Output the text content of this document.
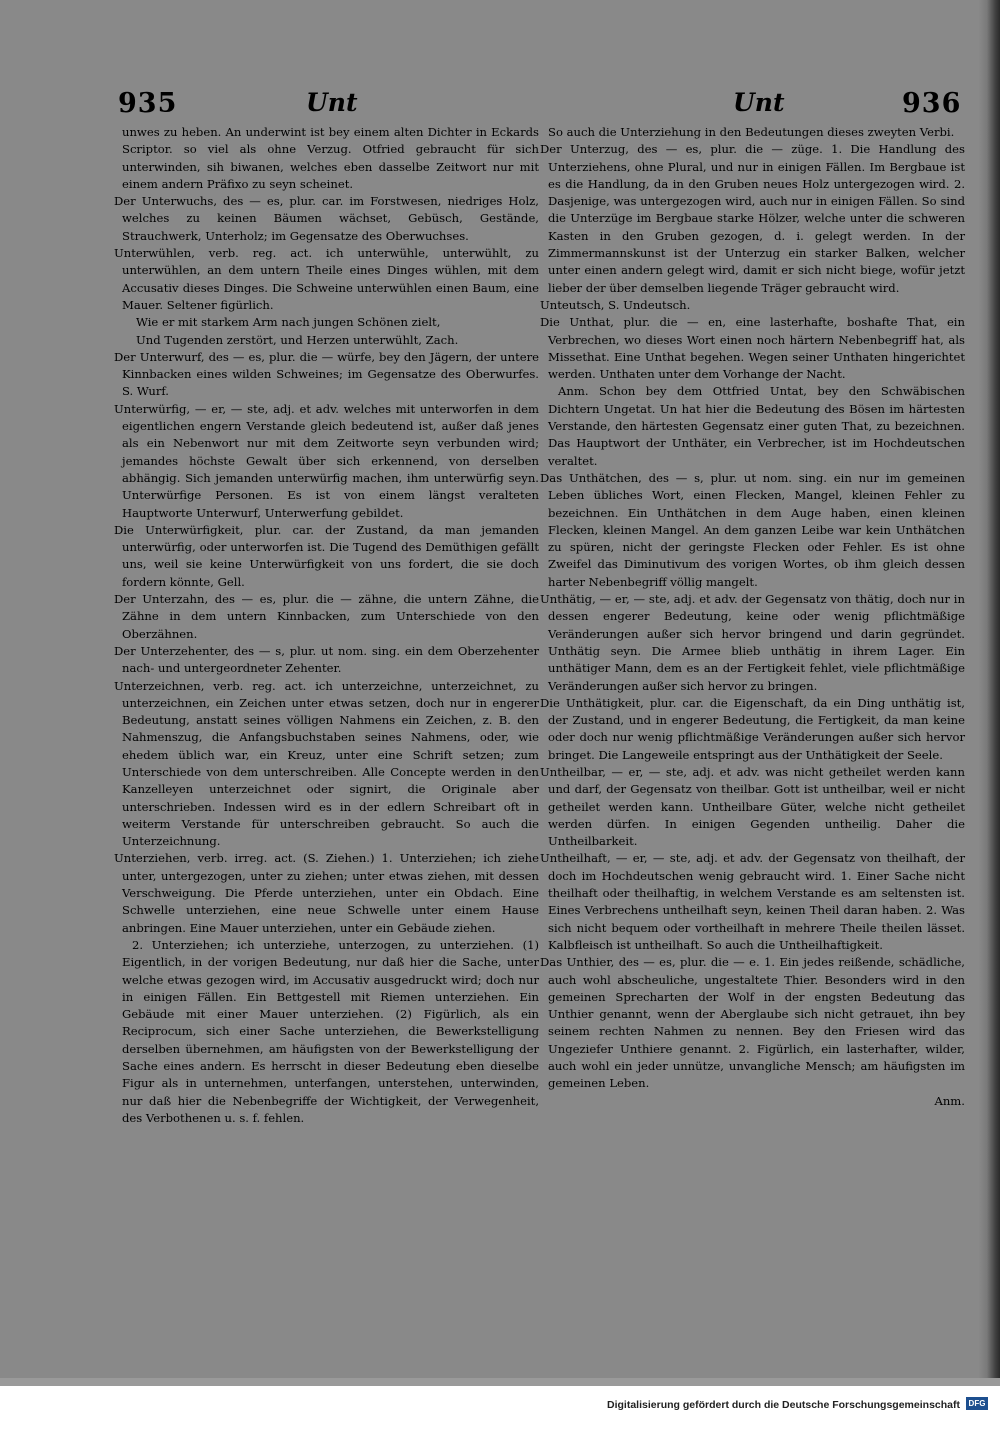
935	Unt	Unt	936

unwes zu heben. An underwint ist bey einem alten Dichter in Eckards Scriptor. so viel als ohne Verzug. Otfried gebraucht für sich unterwinden, sih biwanen, welches eben dasselbe Zeitwort nur mit einem andern Präfixo zu seyn scheinet.

Der Unterwuchs, des — es, plur. car. im Forstwesen, niedriges Holz, welches zu keinen Bäumen wächset, Gebüsch, Gestände, Strauchwerk, Unterholz; im Gegensatze des Oberwuchses.

Unterwühlen, verb. reg. act. ich unterwühle, unterwühlt, zu unterwühlen, an dem untern Theile eines Dinges wühlen, mit dem Accusativ dieses Dinges. Die Schweine unterwühlen einen Baum, eine Mauer. Seltener figürlich.

Wie er mit starkem Arm nach jungen Schönen zielt,

Und Tugenden zerstört, und Herzen unterwühlt, Zach.

Der Unterwurf, des — es, plur. die — würfe, bey den Jägern, der untere Kinnbacken eines wilden Schweines; im Gegensatze des Oberwurfes. S. Wurf.

Unterwürfig, — er, — ste, adj. et adv. welches mit unterworfen in dem eigentlichen engern Verstande gleich bedeutend ist, außer daß jenes als ein Nebenwort nur mit dem Zeitworte seyn verbunden wird; jemandes höchste Gewalt über sich erkennend, von derselben abhängig. Sich jemanden unterwürfig machen, ihm unterwürfig seyn. Unterwürfige Personen. Es ist von einem längst veralteten Hauptworte Unterwurf, Unterwerfung gebildet.

Die Unterwürfigkeit, plur. car. der Zustand, da man jemanden unterwürfig, oder unterworfen ist. Die Tugend des Demüthigen gefällt uns, weil sie keine Unterwürfigkeit von uns fordert, die sie doch fordern könnte, Gell.

Der Unterzahn, des — es, plur. die — zähne, die untern Zähne, die Zähne in dem untern Kinnbacken, zum Unterschiede von den Oberzähnen.

Der Unterzehenter, des — s, plur. ut nom. sing. ein dem Oberzehenter nach- und untergeordneter Zehenter.

Unterzeichnen, verb. reg. act. ich unterzeichne, unterzeichnet, zu unterzeichnen, ein Zeichen unter etwas setzen, doch nur in engerer Bedeutung, anstatt seines völligen Nahmens ein Zeichen, z. B. den Nahmenszug, die Anfangsbuchstaben seines Nahmens, oder, wie ehedem üblich war, ein Kreuz, unter eine Schrift setzen; zum Unterschiede von dem unterschreiben. Alle Concepte werden in den Kanzelleyen unterzeichnet oder signirt, die Originale aber unterschrieben. Indessen wird es in der edlern Schreibart oft in weiterm Verstande für unterschreiben gebraucht. So auch die Unterzeichnung.

Unterziehen, verb. irreg. act. (S. Ziehen.) 1. Unterziehen; ich ziehe unter, untergezogen, unter zu ziehen; unter etwas ziehen, mit dessen Verschweigung. Die Pferde unterziehen, unter ein Obdach. Eine Schwelle unterziehen, eine neue Schwelle unter einem Hause anbringen. Eine Mauer unterziehen, unter ein Gebäude ziehen.

2. Unterziehen; ich unterziehe, unterzogen, zu unterziehen. (1) Eigentlich, in der vorigen Bedeutung, nur daß hier die Sache, unter welche etwas gezogen wird, im Accusativ ausgedruckt wird; doch nur in einigen Fällen. Ein Bettgestell mit Riemen unterziehen. Ein Gebäude mit einer Mauer unterziehen. (2) Figürlich, als ein Reciprocum, sich einer Sache unterziehen, die Bewerkstelligung derselben übernehmen, am häufigsten von der Bewerkstelligung der Sache eines andern. Es herrscht in dieser Bedeutung eben dieselbe Figur als in unternehmen, unterfangen, unterstehen, unterwinden, nur daß hier die Nebenbegriffe der Wichtigkeit, der Verwegenheit, des Verbothenen u. s. f. fehlen.

So auch die Unterziehung in den Bedeutungen dieses zweyten Verbi.

Der Unterzug, des — es, plur. die — züge. 1. Die Handlung des Unterziehens, ohne Plural, und nur in einigen Fällen. Im Bergbaue ist es die Handlung, da in den Gruben neues Holz untergezogen wird. 2. Dasjenige, was untergezogen wird, auch nur in einigen Fällen. So sind die Unterzüge im Bergbaue starke Hölzer, welche unter die schweren Kasten in den Gruben gezogen, d. i. gelegt werden. In der Zimmermannskunst ist der Unterzug ein starker Balken, welcher unter einen andern gelegt wird, damit er sich nicht biege, wofür jetzt lieber der über demselben liegende Träger gebraucht wird.

Unteutsch, S. Undeutsch.

Die Unthat, plur. die — en, eine lasterhafte, boshafte That, ein Verbrechen, wo dieses Wort einen noch härtern Nebenbegriff hat, als Missethat. Eine Unthat begehen. Wegen seiner Unthaten hingerichtet werden. Unthaten unter dem Vorhange der Nacht.

Anm. Schon bey dem Ottfried Untat, bey den Schwäbischen Dichtern Ungetat. Un hat hier die Bedeutung des Bösen im härtesten Verstande, den härtesten Gegensatz einer guten That, zu bezeichnen. Das Hauptwort der Unthäter, ein Verbrecher, ist im Hochdeutschen veraltet.

Das Unthätchen, des — s, plur. ut nom. sing. ein nur im gemeinen Leben übliches Wort, einen Flecken, Mangel, kleinen Fehler zu bezeichnen. Ein Unthätchen in dem Auge haben, einen kleinen Flecken, kleinen Mangel. An dem ganzen Leibe war kein Unthätchen zu spüren, nicht der geringste Flecken oder Fehler. Es ist ohne Zweifel das Diminutivum des vorigen Wortes, ob ihm gleich dessen harter Nebenbegriff völlig mangelt.

Unthätig, — er, — ste, adj. et adv. der Gegensatz von thätig, doch nur in dessen engerer Bedeutung, keine oder wenig pflichtmäßige Veränderungen außer sich hervor bringend und darin gegründet. Unthätig seyn. Die Armee blieb unthätig in ihrem Lager. Ein unthätiger Mann, dem es an der Fertigkeit fehlet, viele pflichtmäßige Veränderungen außer sich hervor zu bringen.

Die Unthätigkeit, plur. car. die Eigenschaft, da ein Ding unthätig ist, der Zustand, und in engerer Bedeutung, die Fertigkeit, da man keine oder doch nur wenig pflichtmäßige Veränderungen außer sich hervor bringet. Die Langeweile entspringt aus der Unthätigkeit der Seele.

Untheilbar, — er, — ste, adj. et adv. was nicht getheilet werden kann und darf, der Gegensatz von theilbar. Gott ist untheilbar, weil er nicht getheilet werden kann. Untheilbare Güter, welche nicht getheilet werden dürfen. In einigen Gegenden untheilig. Daher die Untheilbarkeit.

Untheilhaft, — er, — ste, adj. et adv. der Gegensatz von theilhaft, der doch im Hochdeutschen wenig gebraucht wird. 1. Einer Sache nicht theilhaft oder theilhaftig, in welchem Verstande es am seltensten ist. Eines Verbrechens untheilhaft seyn, keinen Theil daran haben. 2. Was sich nicht bequem oder vortheilhaft in mehrere Theile theilen lässet. Kalbfleisch ist untheilhaft. So auch die Untheilhaftigkeit.

Das Unthier, des — es, plur. die — e. 1. Ein jedes reißende, schädliche, auch wohl abscheuliche, ungestaltete Thier. Besonders wird in den gemeinen Sprecharten der Wolf in der engsten Bedeutung das Unthier genannt, wenn der Aberglaube sich nicht getrauet, ihn bey seinem rechten Nahmen zu nennen. Bey den Friesen wird das Ungeziefer Unthiere genannt. 2. Figürlich, ein lasterhafter, wilder, auch wohl ein jeder unnütze, unvangliche Mensch; am häufigsten im gemeinen Leben.

Anm.

Digitalisierung gefördert durch die Deutsche Forschungsgemeinschaft	DFG
